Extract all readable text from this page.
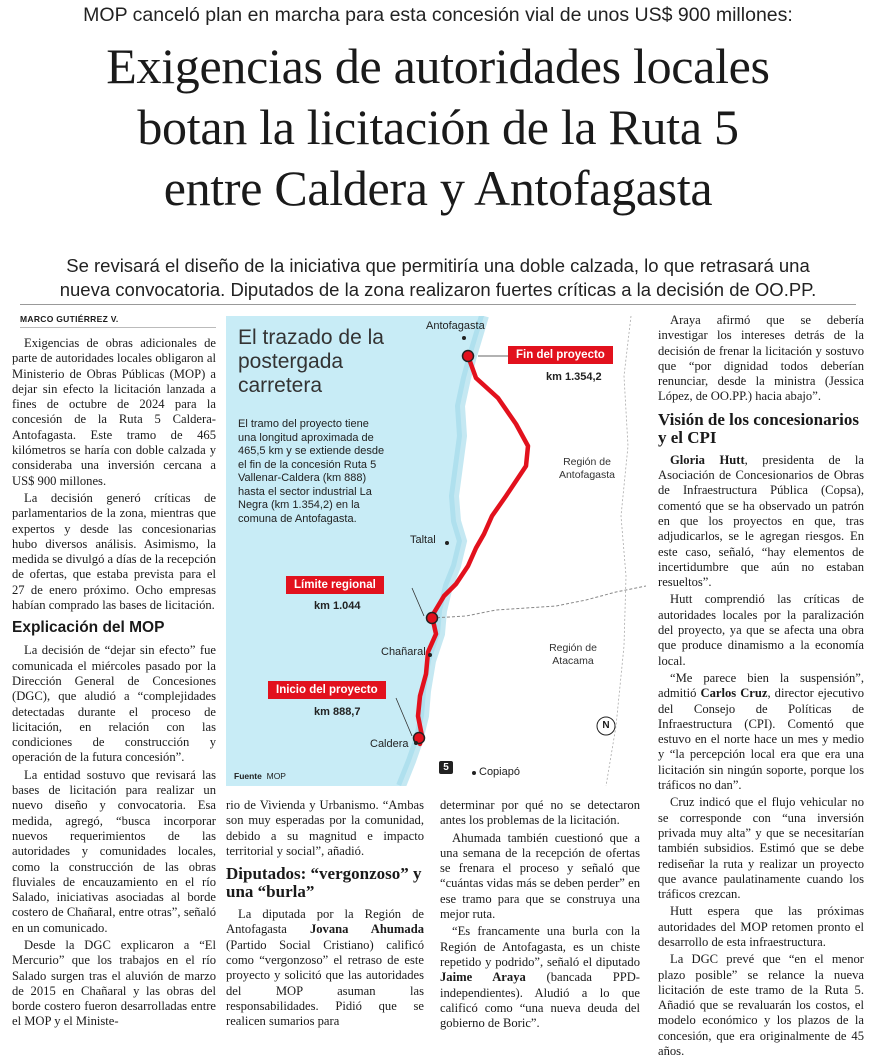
MOP canceló plan en marcha para esta concesión vial de unos US$ 900 millones:
Exigencias de autoridades locales
botan la licitación de la Ruta 5
entre Caldera y Antofagasta
Se revisará el diseño de la iniciativa que permitiría una doble calzada, lo que retrasará una
nueva convocatoria. Diputados de la zona realizaron fuertes críticas a la decisión de OO.PP.
MARCO GUTIÉRREZ V.

Exigencias de obras adicionales de parte de autoridades locales obligaron al Ministerio de Obras Públicas (MOP) a dejar sin efecto la licitación lanzada a fines de octubre de 2024 para la concesión de la Ruta 5 Caldera-Antofagasta. Este tramo de 465 kilómetros se haría con doble calzada y consideraba una inversión cercana a US$ 900 millones.

La decisión generó críticas de parlamentarios de la zona, mientras que expertos y desde las concesionarias hubo diversos análisis. Asimismo, la medida se divulgó a días de la recepción de ofertas, que estaba prevista para el 27 de enero próximo. Ocho empresas habían comprado las bases de licitación.

Explicación del MOP

La decisión de “dejar sin efecto” fue comunicada el miércoles pasado por la Dirección General de Concesiones (DGC), que aludió a “complejidades detectadas durante el proceso de licitación, en relación con las condiciones de construcción y operación de la futura concesión”.

La entidad sostuvo que revisará las bases de licitación para realizar un nuevo diseño y convocatoria. Esa medida, agregó, “busca incorporar nuevos requerimientos de las autoridades y comunidades locales, como la construcción de las obras fluviales de encauzamiento en el río Salado, iniciativas asociadas al borde costero de Chañaral, entre otras”, señaló en un comunicado.

Desde la DGC explicaron a “El Mercurio” que los trabajos en el río Salado surgen tras el aluvión de marzo de 2015 en Chañaral y las obras del borde costero fueron desarrolladas entre el MOP y el Ministe-

El trazado de la postergada carretera
El tramo del proyecto tiene una longitud aproximada de 465,5 km y se extiende desde el fin de la concesión Ruta 5 Vallenar-Caldera (km 888) hasta el sector industrial La Negra (km 1.354,2) en la comuna de Antofagasta.
Antofagasta
Fin del proyecto
km 1.354,2
Región de Antofagasta
Taltal
Límite regional
km 1.044
Chañaral	Región de Atacama
Inicio del proyecto
km 888,7
Caldera
5	Copiapó
N
Fuente MOP

rio de Vivienda y Urbanismo. “Ambas son muy esperadas por la comunidad, debido a su magnitud e impacto territorial y social”, añadió.

Diputados: “vergonzoso” y una “burla”

La diputada por la Región de Antofagasta Jovana Ahumada (Partido Social Cristiano) calificó como “vergonzoso” el retraso de este proyecto y solicitó que las autoridades del MOP asuman las responsabilidades. Pidió que se realicen sumarios para

determinar por qué no se detectaron antes los problemas de la licitación.

Ahumada también cuestionó que a una semana de la recepción de ofertas se frenara el proceso y señaló que “cuántas vidas más se deben perder” en ese tramo para que se construya una mejor ruta.

“Es francamente una burla con la Región de Antofagasta, es un chiste repetido y podrido”, señaló el diputado Jaime Araya (bancada PPD-independientes). Aludió a lo que calificó como “una nueva deuda del gobierno de Boric”.

Araya afirmó que se debería investigar los intereses detrás de la decisión de frenar la licitación y sostuvo que “por dignidad todos deberían renunciar, desde la ministra (Jessica López, de OO.PP.) hacia abajo”.

Visión de los concesionarios y el CPI

Gloria Hutt, presidenta de la Asociación de Concesionarios de Obras de Infraestructura Pública (Copsa), comentó que se ha observado un patrón en que los proyectos en que, tras adjudicarlos, se le agregan riesgos. En este caso, señaló, “hay elementos de incertidumbre que aún no estaban resueltos”.

Hutt comprendió las críticas de autoridades locales por la paralización del proyecto, ya que se afecta una obra que produce dinamismo a la economía local.

“Me parece bien la suspensión”, admitió Carlos Cruz, director ejecutivo del Consejo de Políticas de Infraestructura (CPI). Comentó que estuvo en el norte hace un mes y medio y “la percepción local era que era una licitación sin ningún soporte, porque los tráficos no dan”.

Cruz indicó que el flujo vehicular no se corresponde con “una inversión privada muy alta” y que se necesitarían también subsidios. Estimó que se debe rediseñar la ruta y realizar un proyecto que avance paulatinamente cuando los tráficos crezcan.

Hutt espera que las próximas autoridades del MOP retomen pronto el desarrollo de esta infraestructura.

La DGC prevé que “en el menor plazo posible” se relance la nueva licitación de este tramo de la Ruta 5. Añadió que se revaluarán los costos, el modelo económico y los plazos de la concesión, que era originalmente de 45 años.
